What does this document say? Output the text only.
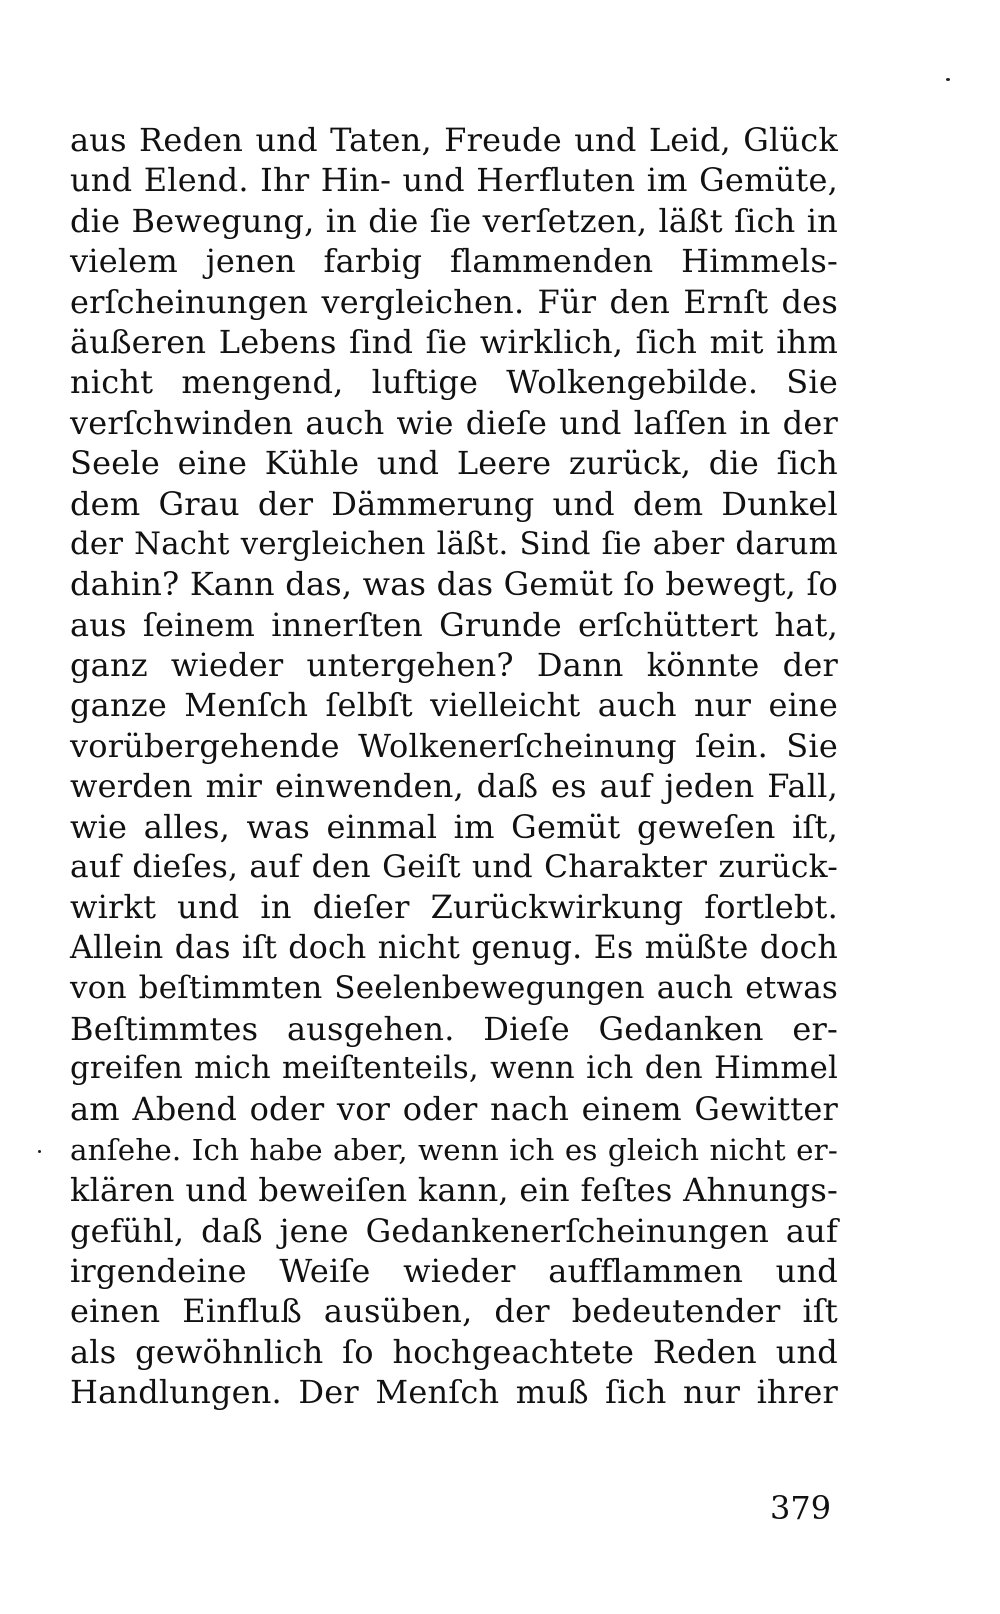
aus Reden und Taten, Freude und Leid, Glück
und Elend. Ihr Hin- und Herfluten im Gemüte,
die Bewegung, in die ſie verſetzen, läßt ſich in
vielem jenen farbig flammenden Himmels-
erſcheinungen vergleichen. Für den Ernſt des
äußeren Lebens ſind ſie wirklich, ſich mit ihm
nicht mengend, luftige Wolkengebilde. Sie
verſchwinden auch wie dieſe und laſſen in der
Seele eine Kühle und Leere zurück, die ſich
dem Grau der Dämmerung und dem Dunkel
der Nacht vergleichen läßt. Sind ſie aber darum
dahin? Kann das, was das Gemüt ſo bewegt, ſo
aus ſeinem innerſten Grunde erſchüttert hat,
ganz wieder untergehen? Dann könnte der
ganze Menſch ſelbſt vielleicht auch nur eine
vorübergehende Wolkenerſcheinung ſein. Sie
werden mir einwenden, daß es auf jeden Fall,
wie alles, was einmal im Gemüt geweſen iſt,
auf dieſes, auf den Geiſt und Charakter zurück-
wirkt und in dieſer Zurückwirkung fortlebt.
Allein das iſt doch nicht genug. Es müßte doch
von beſtimmten Seelenbewegungen auch etwas
Beſtimmtes ausgehen. Dieſe Gedanken er-
greifen mich meiſtenteils, wenn ich den Himmel
am Abend oder vor oder nach einem Gewitter
anſehe. Ich habe aber, wenn ich es gleich nicht er-
klären und beweiſen kann, ein feſtes Ahnungs-
gefühl, daß jene Gedankenerſcheinungen auf
irgendeine Weiſe wieder aufflammen und
einen Einfluß ausüben, der bedeutender iſt
als gewöhnlich ſo hochgeachtete Reden und
Handlungen. Der Menſch muß ſich nur ihrer
379
